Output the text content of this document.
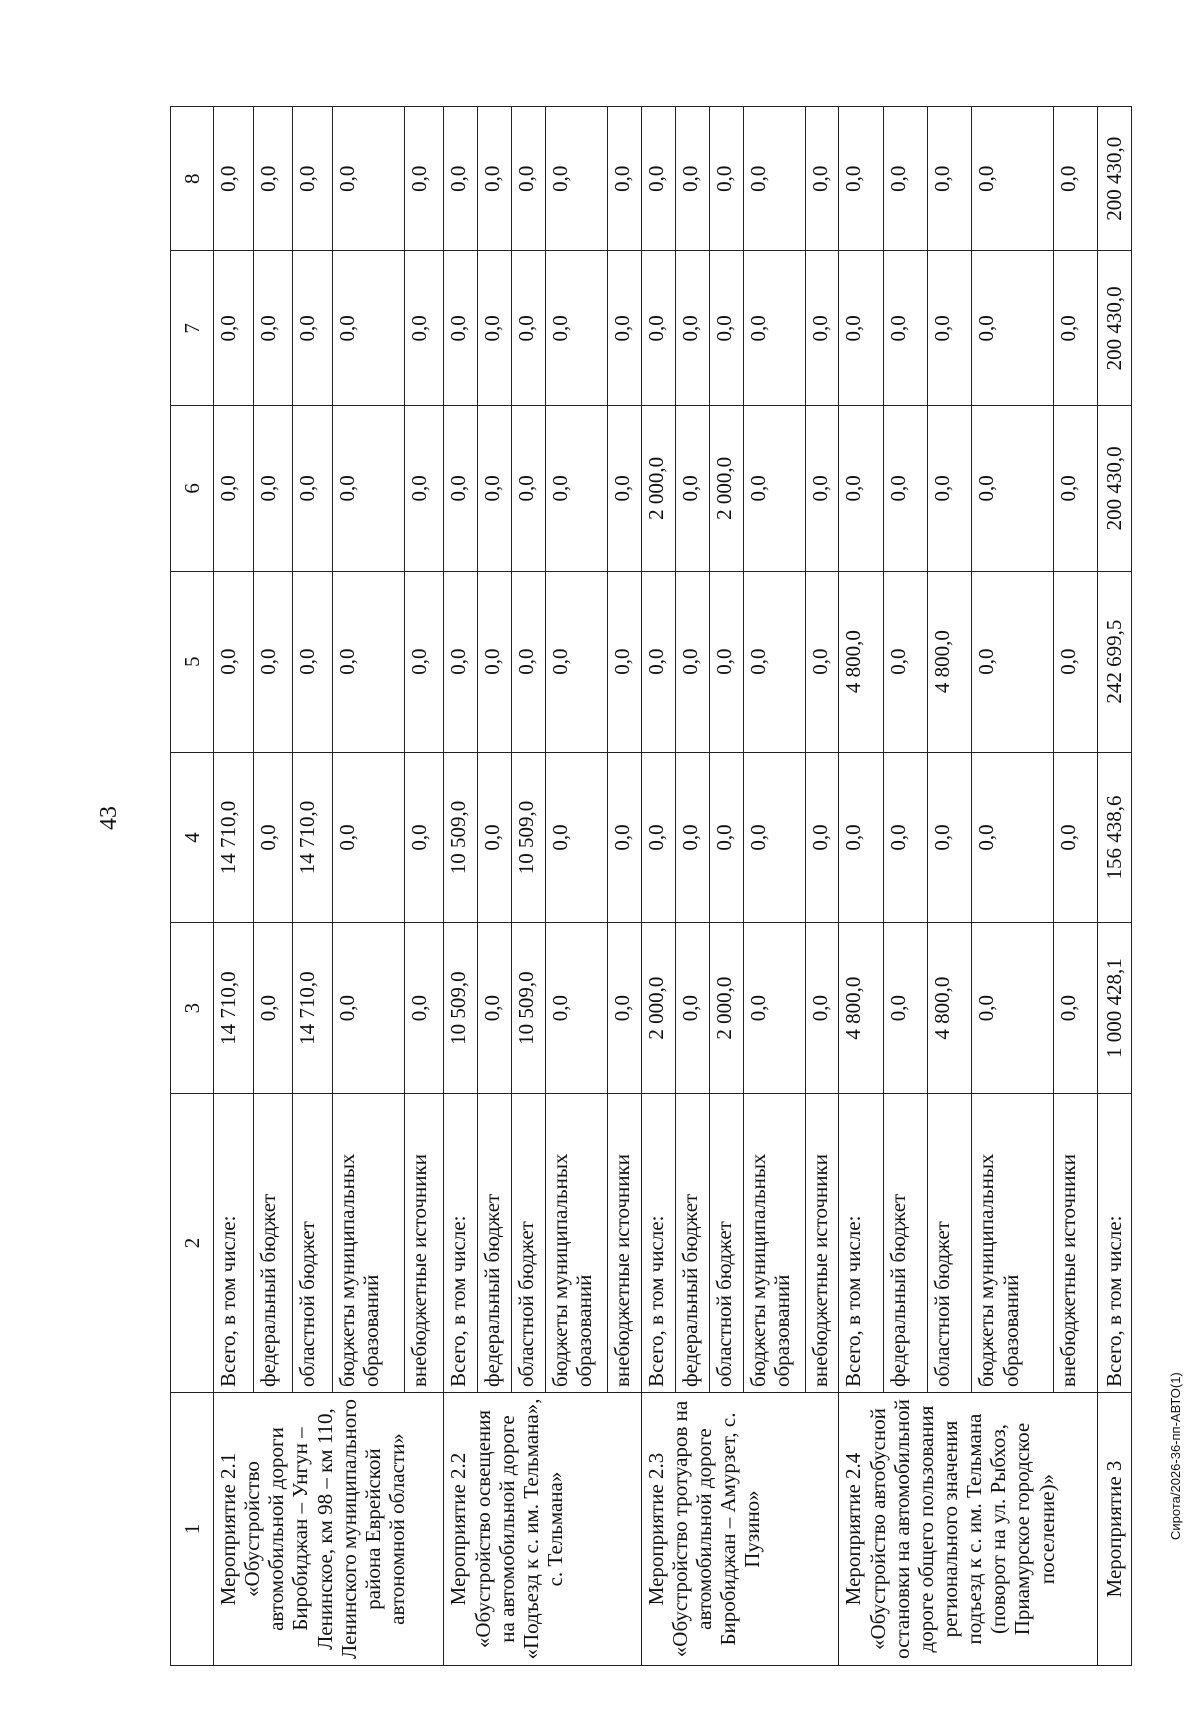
43
Сирота/2026-36-пп-АВТО(1)
1	2	3	4	5	6	7	8
Мероприятие 2.1 «Обустройство автомобильной дороги Биробиджан – Унгун – Ленинское, км 98 – км 110, Ленинского муниципального района Еврейской автономной области»	Всего, в том числе:	14 710,0	14 710,0	0,0	0,0	0,0	0,0
	федеральный бюджет	0,0	0,0	0,0	0,0	0,0	0,0
	областной бюджет	14 710,0	14 710,0	0,0	0,0	0,0	0,0
	бюджеты муниципальных образований	0,0	0,0	0,0	0,0	0,0	0,0
	внебюджетные источники	0,0	0,0	0,0	0,0	0,0	0,0
Мероприятие 2.2 «Обустройство освещения на автомобильной дороге «Подъезд к с. им. Тельмана», с. Тельмана»	Всего, в том числе:	10 509,0	10 509,0	0,0	0,0	0,0	0,0
	федеральный бюджет	0,0	0,0	0,0	0,0	0,0	0,0
	областной бюджет	10 509,0	10 509,0	0,0	0,0	0,0	0,0
	бюджеты муниципальных образований	0,0	0,0	0,0	0,0	0,0	0,0
	внебюджетные источники	0,0	0,0	0,0	0,0	0,0	0,0
Мероприятие 2.3 «Обустройство тротуаров на автомобильной дороге Биробиджан – Амурзет, с. Пузино»	Всего, в том числе:	2 000,0	0,0	0,0	2 000,0	0,0	0,0
	федеральный бюджет	0,0	0,0	0,0	0,0	0,0	0,0
	областной бюджет	2 000,0	0,0	0,0	2 000,0	0,0	0,0
	бюджеты муниципальных образований	0,0	0,0	0,0	0,0	0,0	0,0
	внебюджетные источники	0,0	0,0	0,0	0,0	0,0	0,0
Мероприятие 2.4 «Обустройство автобусной остановки на автомобильной дороге общего пользования регионального значения подъезд к с. им. Тельмана (поворот на ул. Рыбхоз, Приамурское городское поселение)»	Всего, в том числе:	4 800,0	0,0	4 800,0	0,0	0,0	0,0
	федеральный бюджет	0,0	0,0	0,0	0,0	0,0	0,0
	областной бюджет	4 800,0	0,0	4 800,0	0,0	0,0	0,0
	бюджеты муниципальных образований	0,0	0,0	0,0	0,0	0,0	0,0
	внебюджетные источники	0,0	0,0	0,0	0,0	0,0	0,0
Мероприятие 3	Всего, в том числе:	1 000 428,1	156 438,6	242 699,5	200 430,0	200 430,0	200 430,0
